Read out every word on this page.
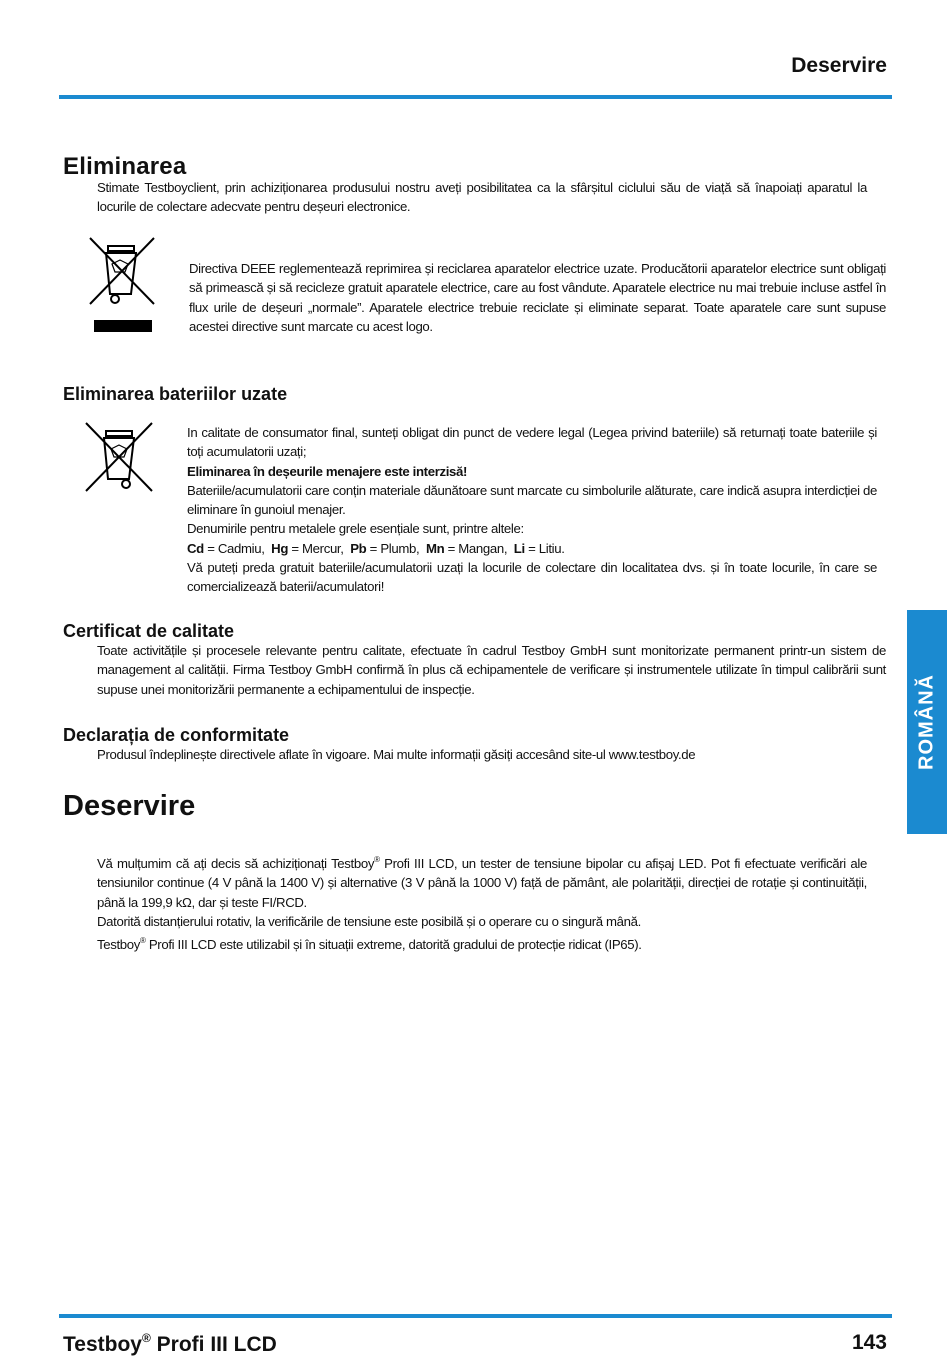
Deservire
Eliminarea

Stimate Testboyclient, prin achiziționarea produsului nostru aveți posibilitatea ca la sfârșitul ciclului său de viață să înapoiați aparatul la locurile de colectare adecvate pentru deșeuri electronice.

Directiva DEEE reglementează reprimirea și reciclarea aparatelor electrice uzate. Producătorii aparatelor electrice sunt obligați să primească și să recicleze gratuit aparatele electrice, care au fost vândute. Aparatele electrice nu mai trebuie incluse astfel în flux urile de deșeuri „normale”. Aparatele electrice trebuie reciclate și eliminate separat. Toate aparatele care sunt supuse acestei directive sunt marcate cu acest logo.

Eliminarea bateriilor uzate

In calitate de consumator final, sunteți obligat din punct de vedere legal (Legea privind bateriile) să returnați toate bateriile și toți acumulatorii uzați;

Eliminarea în deșeurile menajere este interzisă!

Bateriile/acumulatorii care conțin materiale dăunătoare sunt marcate cu simbolurile alăturate, care indică asupra interdicției de eliminare în gunoiul menajer.

Denumirile pentru metalele grele esențiale sunt, printre altele:

Cd = Cadmiu,  Hg = Mercur,  Pb = Plumb,  Mn = Mangan,  Li = Litiu.

Vă puteți preda gratuit bateriile/acumulatorii uzați la locurile de colectare din localitatea dvs. și în toate locurile, în care se comercializează baterii/acumulatori!

Certificat de calitate

Toate activitățile și procesele relevante pentru calitate, efectuate în cadrul Testboy GmbH sunt monitorizate permanent printr-un sistem de management al calității. Firma Testboy GmbH confirmă în plus că echipamentele de verificare și instrumentele utilizate în timpul calibrării sunt supuse unei monitorizării permanente a echipamentului de inspecție.

Declarația de conformitate

Produsul îndeplinește directivele aflate în vigoare. Mai multe informații găsiți accesând site-ul www.testboy.de

Deservire

Vă mulțumim că ați decis să achiziționați Testboy® Profi III LCD, un tester de tensiune bipolar cu afișaj LED. Pot fi efectuate verificări ale tensiunilor continue (4 V până la 1400 V) și alternative (3 V până la 1000 V) față de pământ, ale polarității, direcției de rotație și continuității, până la 199,9 kΩ, dar și teste FI/RCD.

Datorită distanțierului rotativ, la verificările de tensiune este posibilă și o operare cu o singură mână.

Testboy® Profi III LCD este utilizabil și în situații extreme, datorită gradului de protecție ridicat (IP65).

ROMÂNĂ

Testboy® Profi III LCD	143
